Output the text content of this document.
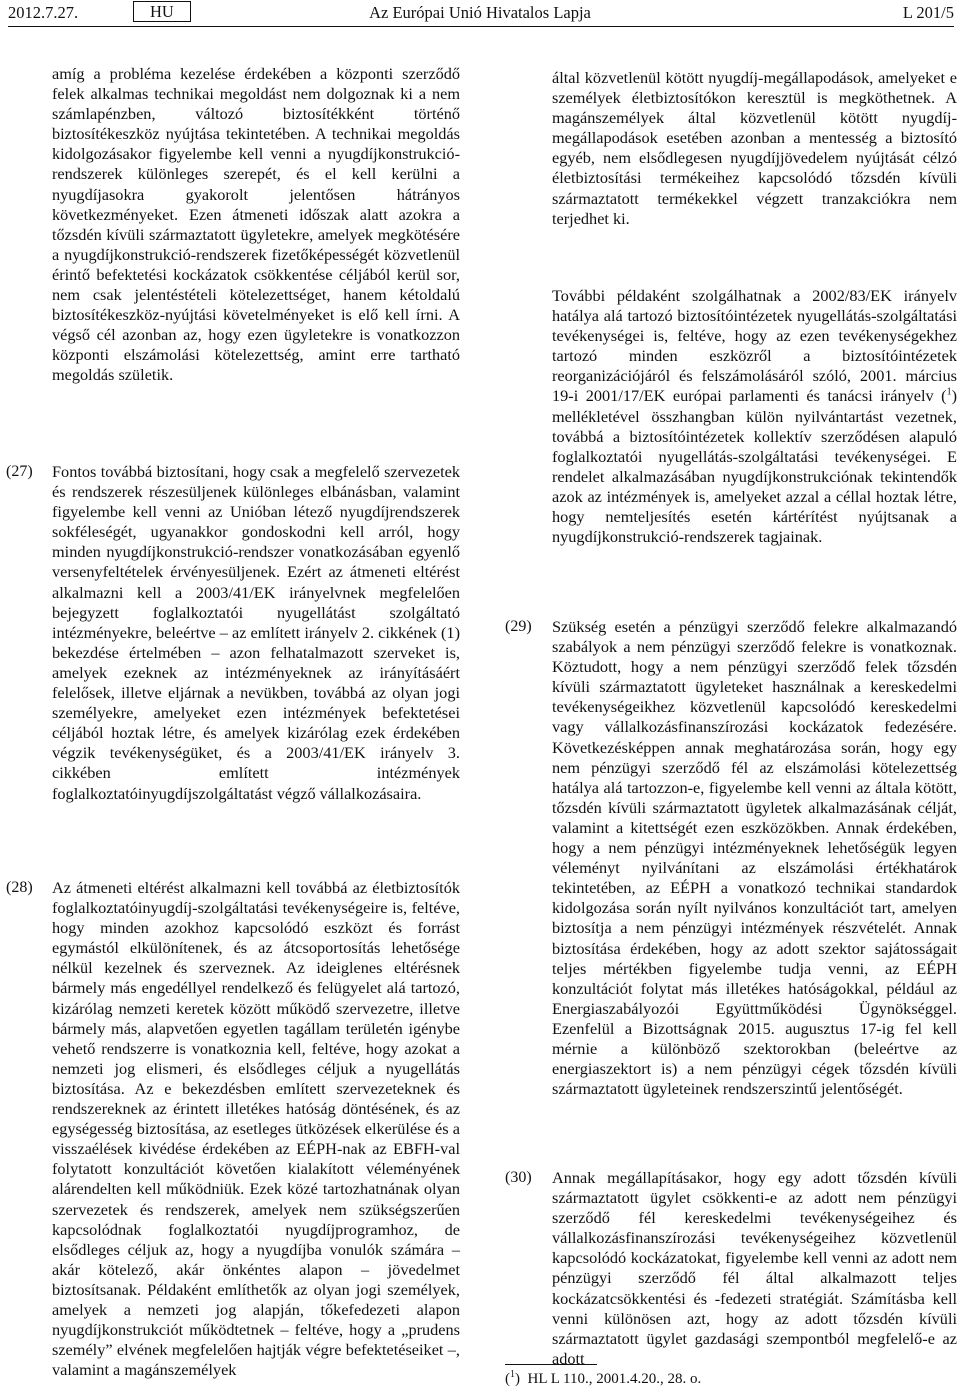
2012.7.27.	HU	Az Európai Unió Hivatalos Lapja	L 201/5

amíg a probléma kezelése érdekében a központi szerződő felek alkalmas technikai megoldást nem dolgoznak ki a nem számlapénzben, változó biztosítékként történő biztosítékeszköz nyújtása tekintetében. A technikai megoldás kidolgozásakor figyelembe kell venni a nyugdíjkonstrukció-rendszerek különleges szerepét, és el kell kerülni a nyugdíjasokra gyakorolt jelentősen hátrányos következményeket. Ezen átmeneti időszak alatt azokra a tőzsdén kívüli származtatott ügyletekre, amelyek megkötésére a nyugdíjkonstrukció-rendszerek fizetőképességét közvetlenül érintő befektetési kockázatok csökkentése céljából kerül sor, nem csak jelentéstételi kötelezettséget, hanem kétoldalú biztosítékeszköz-nyújtási követelményeket is elő kell írni. A végső cél azonban az, hogy ezen ügyletekre is vonatkozzon központi elszámolási kötelezettség, amint erre tartható megoldás születik.

(27) Fontos továbbá biztosítani, hogy csak a megfelelő szervezetek és rendszerek részesüljenek különleges elbánásban, valamint figyelembe kell venni az Unióban létező nyugdíjrendszerek sokféleségét, ugyanakkor gondoskodni kell arról, hogy minden nyugdíjkonstrukció-rendszer vonatkozásában egyenlő versenyfeltételek érvényesüljenek. Ezért az átmeneti eltérést alkalmazni kell a 2003/41/EK irányelvnek megfelelően bejegyzett foglalkoztatói nyugellátást szolgáltató intézményekre, beleértve – az említett irányelv 2. cikkének (1) bekezdése értelmében – azon felhatalmazott szerveket is, amelyek ezeknek az intézményeknek az irányításáért felelősek, illetve eljárnak a nevükben, továbbá az olyan jogi személyekre, amelyeket ezen intézmények befektetései céljából hoztak létre, és amelyek kizárólag ezek érdekében végzik tevékenységüket, és a 2003/41/EK irányelv 3. cikkében említett intézmények foglalkoztatóinyugdíjszolgáltatást végző vállalkozásaira.

(28) Az átmeneti eltérést alkalmazni kell továbbá az életbiztosítók foglalkoztatóinyugdíj-szolgáltatási tevékenységeire is, feltéve, hogy minden azokhoz kapcsolódó eszközt és forrást egymástól elkülönítenek, és az átcsoportosítás lehetősége nélkül kezelnek és szerveznek. Az ideiglenes eltérésnek bármely más engedéllyel rendelkező és felügyelet alá tartozó, kizárólag nemzeti keretek között működő szervezetre, illetve bármely más, alapvetően egyetlen tagállam területén igénybe vehető rendszerre is vonatkoznia kell, feltéve, hogy azokat a nemzeti jog elismeri, és elsődleges céljuk a nyugellátás biztosítása. Az e bekezdésben említett szervezeteknek és rendszereknek az érintett illetékes hatóság döntésének, és az egységesség biztosítása, az esetleges ütközések elkerülése és a visszaélések kivédése érdekében az EÉPH-nak az EBFH-val folytatott konzultációt követően kialakított véleményének alárendelten kell működniük. Ezek közé tartozhatnának olyan szervezetek és rendszerek, amelyek nem szükségszerűen kapcsolódnak foglalkoztatói nyugdíjprogramhoz, de elsődleges céljuk az, hogy a nyugdíjba vonulók számára – akár kötelező, akár önkéntes alapon – jövedelmet biztosítsanak. Példaként említhetők az olyan jogi személyek, amelyek a nemzeti jog alapján, tőkefedezeti alapon nyugdíjkonstrukciót működtetnek – feltéve, hogy a „prudens személy” elvének megfelelően hajtják végre befektetéseiket –, valamint a magánszemélyek

által közvetlenül kötött nyugdíj-megállapodások, amelyeket e személyek életbiztosítókon keresztül is megköthetnek. A magánszemélyek által közvetlenül kötött nyugdíj-megállapodások esetében azonban a mentesség a biztosító egyéb, nem elsődlegesen nyugdíjjövedelem nyújtását célzó életbiztosítási termékeihez kapcsolódó tőzsdén kívüli származtatott termékekkel végzett tranzakciókra nem terjedhet ki.

További példaként szolgálhatnak a 2002/83/EK irányelv hatálya alá tartozó biztosítóintézetek nyugellátás-szolgáltatási tevékenységei is, feltéve, hogy az ezen tevékenységekhez tartozó minden eszközről a biztosítóintézetek reorganizációjáról és felszámolásáról szóló, 2001. március 19-i 2001/17/EK európai parlamenti és tanácsi irányelv ($^1$) mellékletével összhangban külön nyilvántartást vezetnek, továbbá a biztosítóintézetek kollektív szerződésen alapuló foglalkoztatói nyugellátás-szolgáltatási tevékenységei. E rendelet alkalmazásában nyugdíjkonstrukciónak tekintendők azok az intézmények is, amelyeket azzal a céllal hoztak létre, hogy nemteljesítés esetén kártérítést nyújtsanak a nyugdíjkonstrukció-rendszerek tagjainak.

(29) Szükség esetén a pénzügyi szerződő felekre alkalmazandó szabályok a nem pénzügyi szerződő felekre is vonatkoznak. Köztudott, hogy a nem pénzügyi szerződő felek tőzsdén kívüli származtatott ügyleteket használnak a kereskedelmi tevékenységeikhez közvetlenül kapcsolódó kereskedelmi vagy vállalkozásfinanszírozási kockázatok fedezésére. Következésképpen annak meghatározása során, hogy egy nem pénzügyi szerződő fél az elszámolási kötelezettség hatálya alá tartozzon-e, figyelembe kell venni az általa kötött, tőzsdén kívüli származtatott ügyletek alkalmazásának célját, valamint a kitettségét ezen eszközökben. Annak érdekében, hogy a nem pénzügyi intézményeknek lehetőségük legyen véleményt nyilvánítani az elszámolási értékhatárok tekintetében, az EÉPH a vonatkozó technikai standardok kidolgozása során nyílt nyilvános konzultációt tart, amelyen biztosítja a nem pénzügyi intézmények részvételét. Annak biztosítása érdekében, hogy az adott szektor sajátosságait teljes mértékben figyelembe tudja venni, az EÉPH konzultációt folytat más illetékes hatóságokkal, például az Energiaszabályozói Együttműködési Ügynökséggel. Ezenfelül a Bizottságnak 2015. augusztus 17-ig fel kell mérnie a különböző szektorokban (beleértve az energiaszektort is) a nem pénzügyi cégek tőzsdén kívüli származtatott ügyleteinek rendszerszintű jelentőségét.

(30) Annak megállapításakor, hogy egy adott tőzsdén kívüli származtatott ügylet csökkenti-e az adott nem pénzügyi szerződő fél kereskedelmi tevékenységeihez és vállalkozásfinanszírozási tevékenységeihez közvetlenül kapcsolódó kockázatokat, figyelembe kell venni az adott nem pénzügyi szerződő fél által alkalmazott teljes kockázatcsökkentési és -fedezeti stratégiát. Számításba kell venni különösen azt, hogy az adott tőzsdén kívüli származtatott ügylet gazdasági szempontból megfelelő-e az adott

($^1$)  HL L 110., 2001.4.20., 28. o.
